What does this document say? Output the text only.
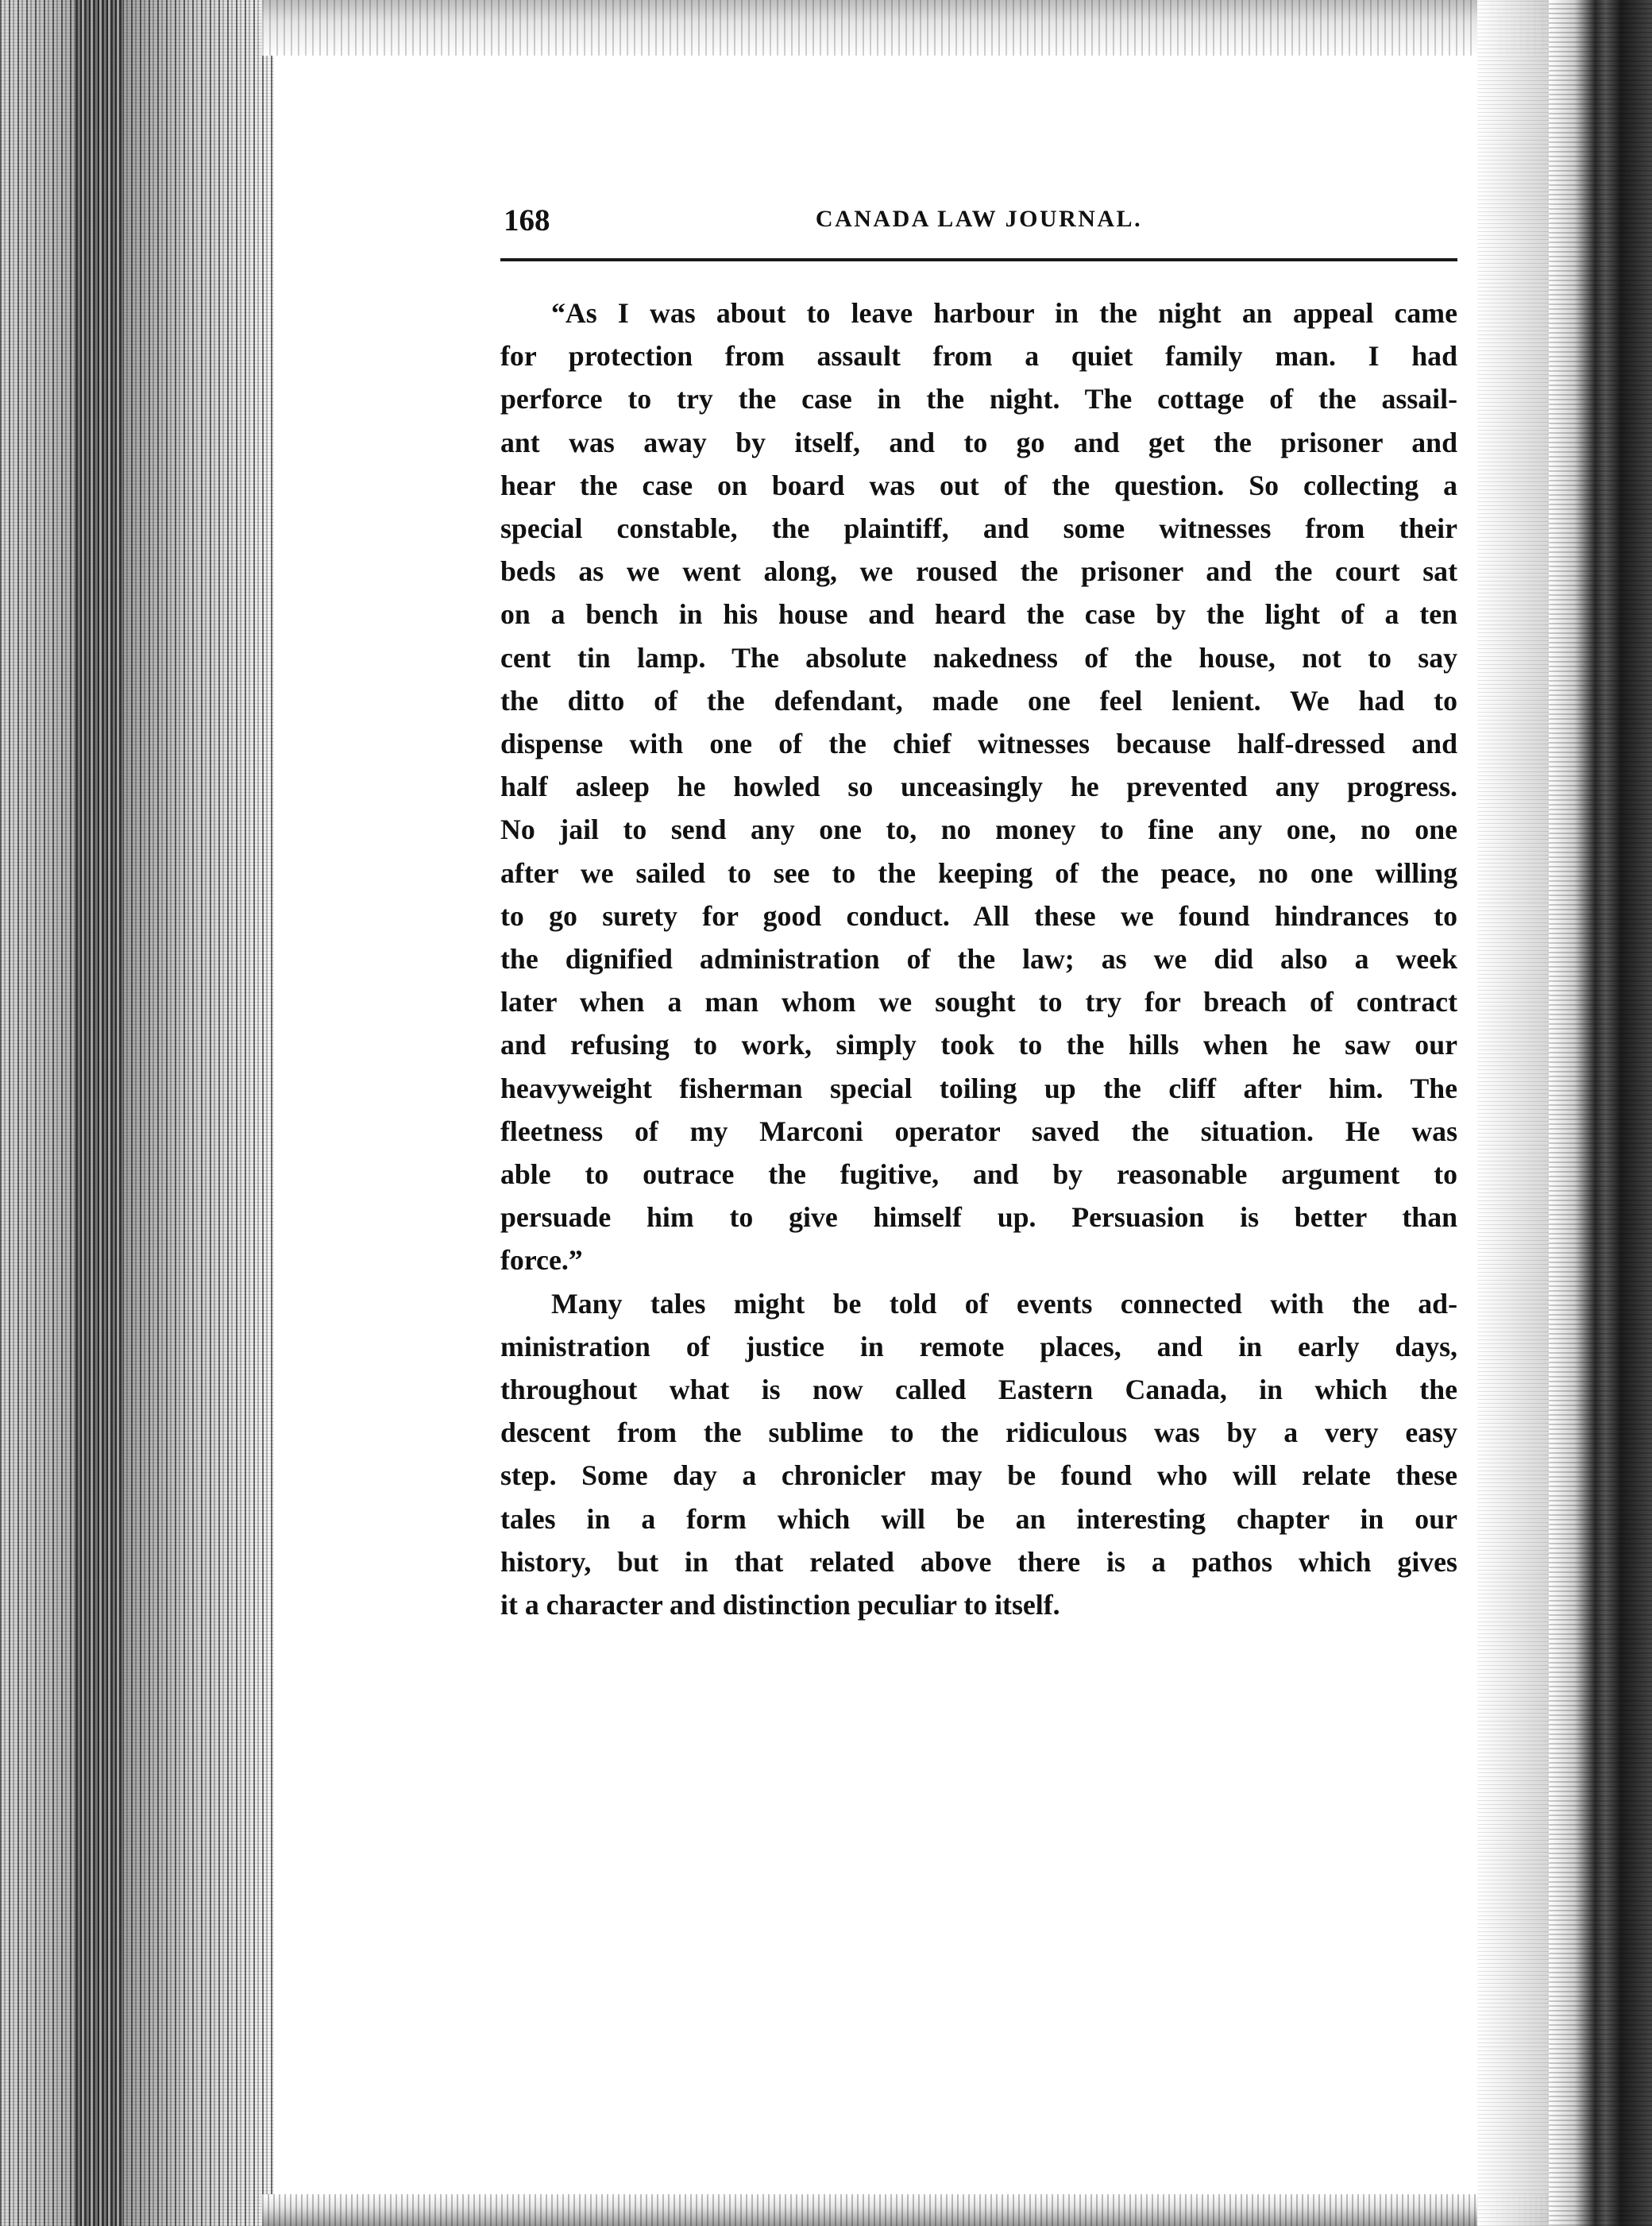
168	CANADA LAW JOURNAL.
“As I was about to leave harbour in the night an appeal came
for protection from assault from a quiet family man. I had
perforce to try the case in the night. The cottage of the assail-
ant was away by itself, and to go and get the prisoner and
hear the case on board was out of the question. So collecting a
special constable, the plaintiff, and some witnesses from their
beds as we went along, we roused the prisoner and the court sat
on a bench in his house and heard the case by the light of a ten
cent tin lamp. The absolute nakedness of the house, not to say
the ditto of the defendant, made one feel lenient. We had to
dispense with one of the chief witnesses because half-dressed and
half asleep he howled so unceasingly he prevented any progress.
No jail to send any one to, no money to fine any one, no one
after we sailed to see to the keeping of the peace, no one willing
to go surety for good conduct. All these we found hindrances to
the dignified administration of the law; as we did also a week
later when a man whom we sought to try for breach of contract
and refusing to work, simply took to the hills when he saw our
heavyweight fisherman special toiling up the cliff after him. The
fleetness of my Marconi operator saved the situation. He was
able to outrace the fugitive, and by reasonable argument to
persuade him to give himself up. Persuasion is better than
force.”
Many tales might be told of events connected with the ad-
ministration of justice in remote places, and in early days,
throughout what is now called Eastern Canada, in which the
descent from the sublime to the ridiculous was by a very easy
step. Some day a chronicler may be found who will relate these
tales in a form which will be an interesting chapter in our
history, but in that related above there is a pathos which gives
it a character and distinction peculiar to itself.
